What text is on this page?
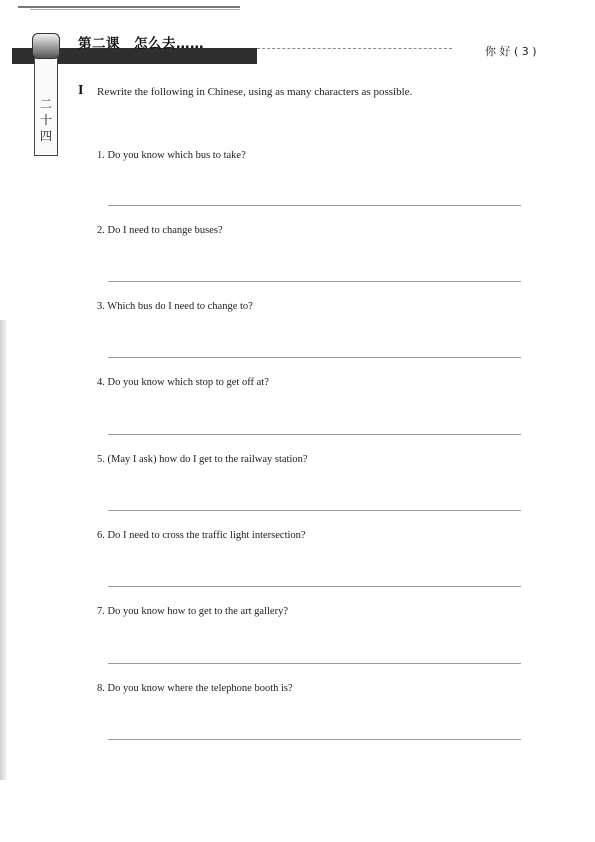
二
十
四
第二课　怎么去……	你 好 ( 3 )
I Rewrite the following in Chinese, using as many characters as possible.
1. Do you know which bus to take?
2. Do I need to change buses?
3. Which bus do I need to change to?
4. Do you know which stop to get off at?
5. (May I ask) how do I get to the railway station?
6. Do I need to cross the traffic light intersection?
7. Do you know how to get to the art gallery?
8. Do you know where the telephone booth is?
